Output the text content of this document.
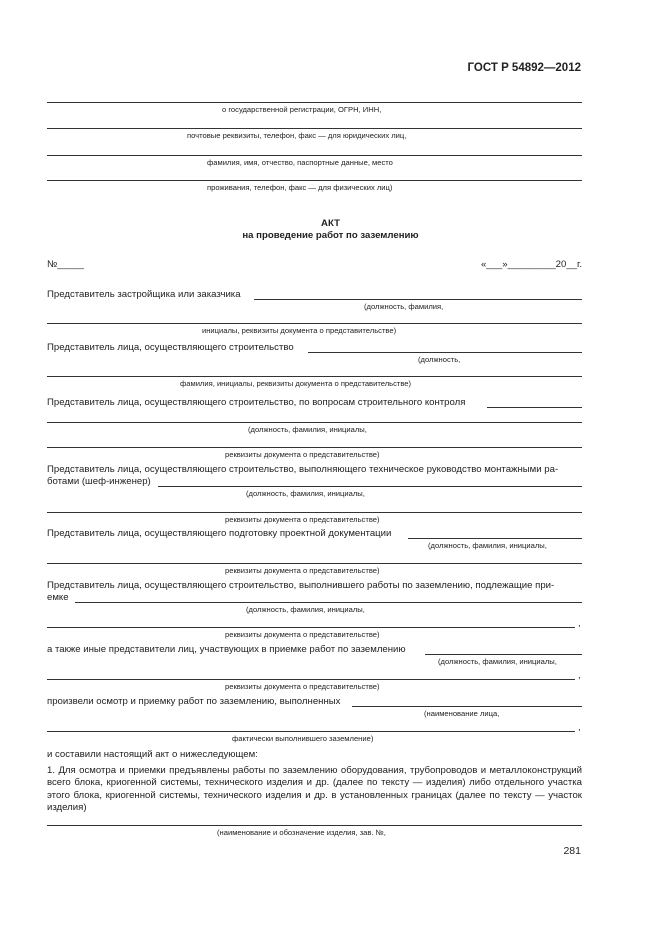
ГОСТ Р 54892—2012
о государственной регистрации, ОГРН, ИНН,
почтовые реквизиты, телефон, факс — для юридических лиц,
фамилия, имя, отчество, паспортные данные, место
проживания, телефон, факс — для физических лиц)
АКТ
на проведение работ по заземлению
№_____	«___»_________20__г.
Представитель застройщика или заказчика
(должность, фамилия,
инициалы, реквизиты документа о представительстве)
Представитель лица, осуществляющего строительство
(должность,
фамилия, инициалы, реквизиты документа о представительстве)
Представитель лица, осуществляющего строительство, по вопросам строительного контроля
(должность, фамилия, инициалы,
реквизиты документа о представительстве)
Представитель лица, осуществляющего строительство, выполняющего техническое руководство монтажными ра-
ботами (шеф-инженер)
(должность, фамилия, инициалы,
реквизиты документа о представительстве)
Представитель лица, осуществляющего подготовку проектной документации
(должность, фамилия, инициалы,
реквизиты документа о представительстве)
Представитель лица, осуществляющего строительство, выполнившего работы по заземлению, подлежащие при-
емке
(должность, фамилия, инициалы,
,
реквизиты документа о представительстве)
а также иные представители лиц, участвующих в приемке работ по заземлению
(должность, фамилия, инициалы,
,
реквизиты документа о представительстве)
произвели осмотр и приемку работ по заземлению, выполненных
(наименование лица,
,
фактически выполнившего заземление)
и составили настоящий акт о нижеследующем:
1. Для осмотра и приемки предъявлены работы по заземлению оборудования, трубопроводов и металлоконструкций всего блока, криогенной системы, технического изделия и др. (далее по тексту — изделия) либо отдельного участка этого блока, криогенной системы, технического изделия и др. в установленных границах (далее по тексту — участок изделия)
(наименование и обозначение изделия, зав. №,
281
